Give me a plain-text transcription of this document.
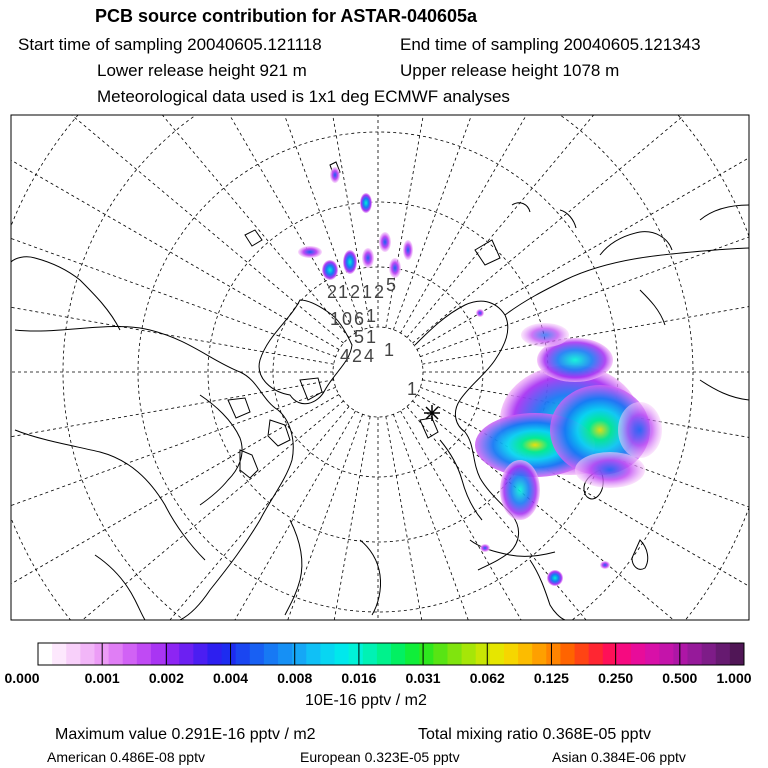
PCB source contribution for ASTAR-040605a
Start time of sampling 20040605.121118	End time of sampling 20040605.121343
Lower release height 921 m	Upper release height 1078 m
Meteorological data used is 1x1 deg ECMWF analyses
2 1 2 1 2 5
1 0 6 1
5 1
4 2 4 1
1
0.000	0.001 0.002 0.004 0.008 0.016 0.031 0.062 0.125 0.250 0.500 1.000
10E-16 pptv / m2
Maximum value 0.291E-16 pptv / m2	Total mixing ratio 0.368E-05 pptv
American 0.486E-08 pptv	European 0.323E-05 pptv	Asian 0.384E-06 pptv
